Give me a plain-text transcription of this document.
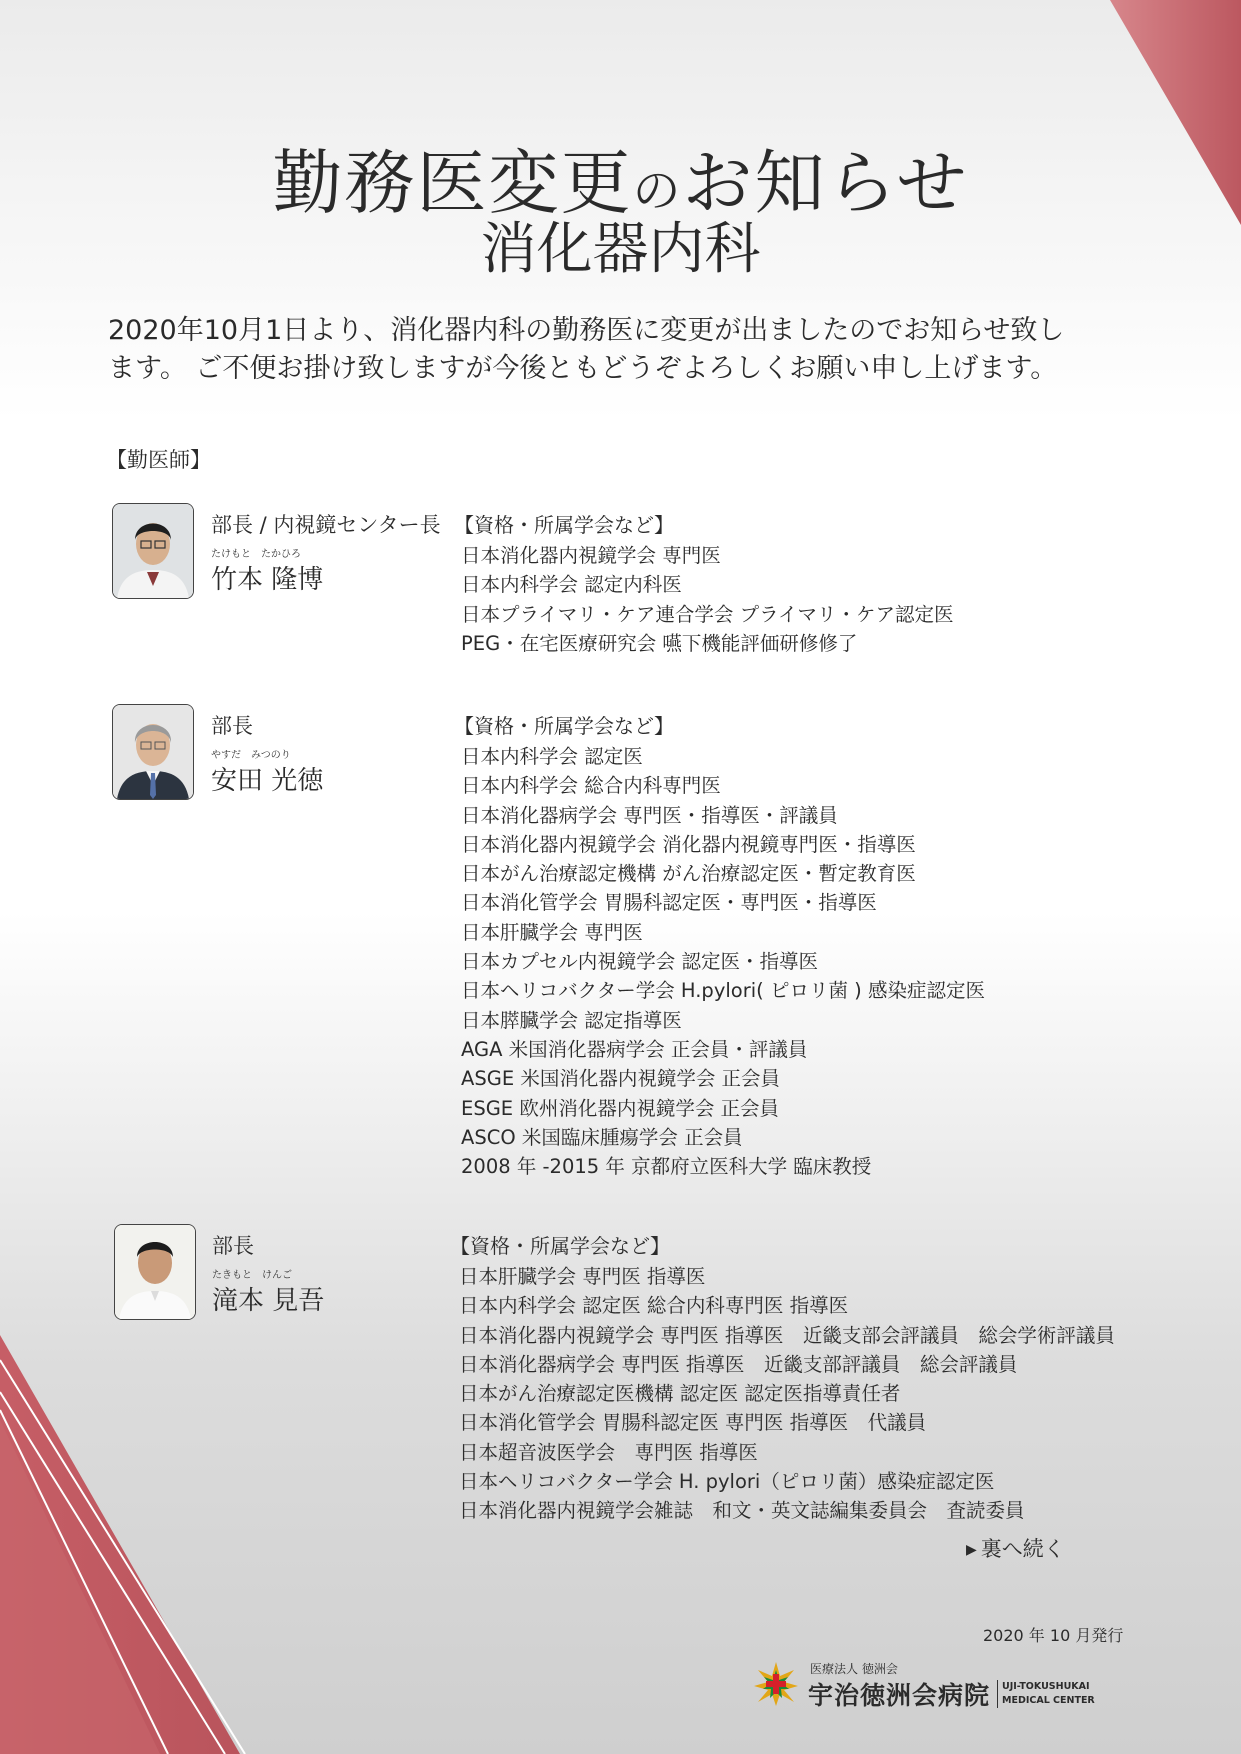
勤務医変更のお知らせ
消化器内科
2020年10月1日より、消化器内科の勤務医に変更が出ましたのでお知らせ致し
ます。 ご不便お掛け致しますが今後ともどうぞよろしくお願い申し上げます。
【勤医師】
部長 / 内視鏡センター長
たけもと　たかひろ
竹本 隆博
【資格・所属学会など】
日本消化器内視鏡学会 専門医
日本内科学会 認定内科医
日本プライマリ・ケア連合学会 プライマリ・ケア認定医
PEG・在宅医療研究会 嚥下機能評価研修修了
部長
やすだ　みつのり
安田 光徳
【資格・所属学会など】
日本内科学会 認定医
日本内科学会 総合内科専門医
日本消化器病学会 専門医・指導医・評議員
日本消化器内視鏡学会 消化器内視鏡専門医・指導医
日本がん治療認定機構 がん治療認定医・暫定教育医
日本消化管学会 胃腸科認定医・専門医・指導医
日本肝臓学会 専門医
日本カプセル内視鏡学会 認定医・指導医
日本ヘリコバクター学会 H.pylori( ピロリ菌 ) 感染症認定医
日本膵臓学会 認定指導医
AGA 米国消化器病学会 正会員・評議員
ASGE 米国消化器内視鏡学会 正会員
ESGE 欧州消化器内視鏡学会 正会員
ASCO 米国臨床腫瘍学会 正会員
2008 年 -2015 年 京都府立医科大学 臨床教授
部長
たきもと　けんご
滝本 見吾
【資格・所属学会など】
日本肝臓学会 専門医 指導医
日本内科学会 認定医 総合内科専門医 指導医
日本消化器内視鏡学会 専門医 指導医　近畿支部会評議員　総会学術評議員
日本消化器病学会 専門医 指導医　近畿支部評議員　総会評議員
日本がん治療認定医機構 認定医 認定医指導責任者
日本消化管学会 胃腸科認定医 専門医 指導医　代議員
日本超音波医学会　専門医 指導医
日本ヘリコバクター学会 H. pylori（ピロリ菌）感染症認定医
日本消化器内視鏡学会雑誌　和文・英文誌編集委員会　査読委員
▶ 裏へ続く
2020 年 10 月発行
医療法人 徳洲会
宇治徳洲会病院 UJI-TOKUSHUKAI
MEDICAL CENTER
